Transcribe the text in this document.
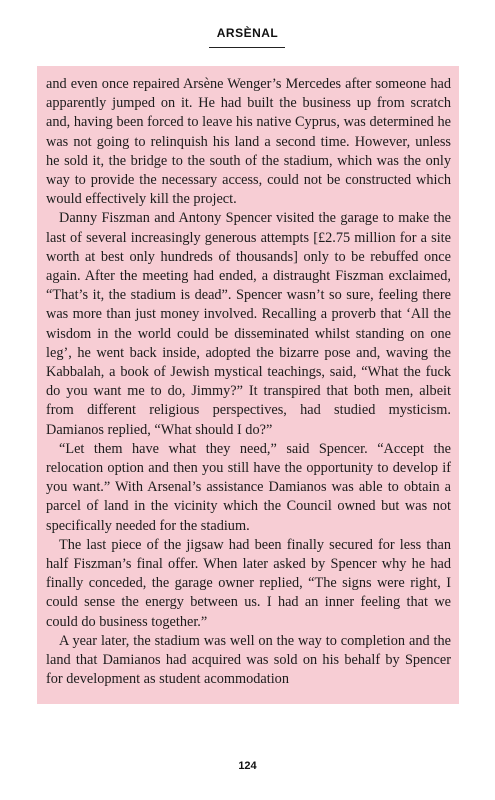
ARSÈNAL

and even once repaired Arsène Wenger’s Mercedes after someone had apparently jumped on it. He had built the business up from scratch and, having been forced to leave his native Cyprus, was determined he was not going to relinquish his land a second time. However, unless he sold it, the bridge to the south of the stadium, which was the only way to provide the necessary access, could not be constructed which would effectively kill the project.

Danny Fiszman and Antony Spencer visited the garage to make the last of several increasingly generous attempts [£2.75 million for a site worth at best only hundreds of thousands] only to be rebuffed once again. After the meeting had ended, a distraught Fiszman exclaimed, “That’s it, the stadium is dead”. Spencer wasn’t so sure, feeling there was more than just money involved. Recalling a proverb that ‘All the wisdom in the world could be disseminated whilst standing on one leg’, he went back inside, adopted the bizarre pose and, waving the Kabbalah, a book of Jewish mystical teachings, said, “What the fuck do you want me to do, Jimmy?” It transpired that both men, albeit from different religious perspectives, had studied mysticism. Damianos replied, “What should I do?”

“Let them have what they need,” said Spencer. “Accept the relocation option and then you still have the opportunity to develop if you want.” With Arsenal’s assistance Damianos was able to obtain a parcel of land in the vicinity which the Council owned but was not specifically needed for the stadium.

The last piece of the jigsaw had been finally secured for less than half Fiszman’s final offer. When later asked by Spencer why he had finally conceded, the garage owner replied, “The signs were right, I could sense the energy between us. I had an inner feeling that we could do business together.”

A year later, the stadium was well on the way to completion and the land that Damianos had acquired was sold on his behalf by Spencer for development as student acommodation

124
